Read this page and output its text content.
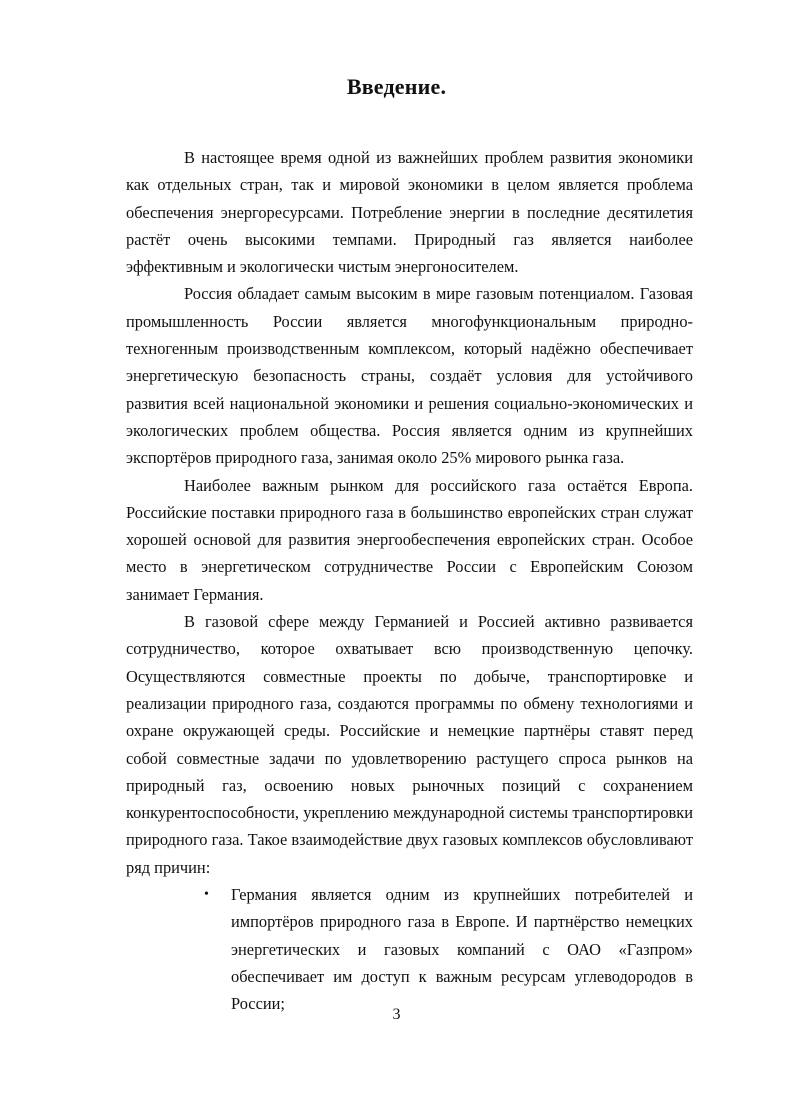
Введение.

В настоящее время одной из важнейших проблем развития экономики как отдельных стран, так и мировой экономики в целом является проблема обеспечения энергоресурсами. Потребление энергии в последние десятилетия растёт очень высокими темпами. Природный газ является наиболее эффективным и экологически чистым энергоносителем.

Россия обладает самым высоким в мире газовым потенциалом. Газовая промышленность России является многофункциональным природно-техногенным производственным комплексом, который надёжно обеспечивает энергетическую безопасность страны, создаёт условия для устойчивого развития всей национальной экономики и решения социально-экономических и экологических проблем общества. Россия является одним из крупнейших экспортёров природного газа, занимая около 25% мирового рынка газа.

Наиболее важным рынком для российского газа остаётся Европа. Российские поставки природного газа в большинство европейских стран служат хорошей основой для развития энергообеспечения европейских стран. Особое место в энергетическом сотрудничестве России с Европейским Союзом занимает Германия.

В газовой сфере между Германией и Россией активно развивается сотрудничество, которое охватывает всю производственную цепочку. Осуществляются совместные проекты по добыче, транспортировке и реализации природного газа, создаются программы по обмену технологиями и охране окружающей среды. Российские и немецкие партнёры ставят перед собой совместные задачи по удовлетворению растущего спроса рынков на природный газ, освоению новых рыночных позиций с сохранением конкурентоспособности, укреплению международной системы транспортировки природного газа. Такое взаимодействие двух газовых комплексов обусловливают ряд причин:

• Германия является одним из крупнейших потребителей и импортёров природного газа в Европе. И партнёрство немецких энергетических и газовых компаний с ОАО «Газпром» обеспечивает им доступ к важным ресурсам углеводородов в России;
3
